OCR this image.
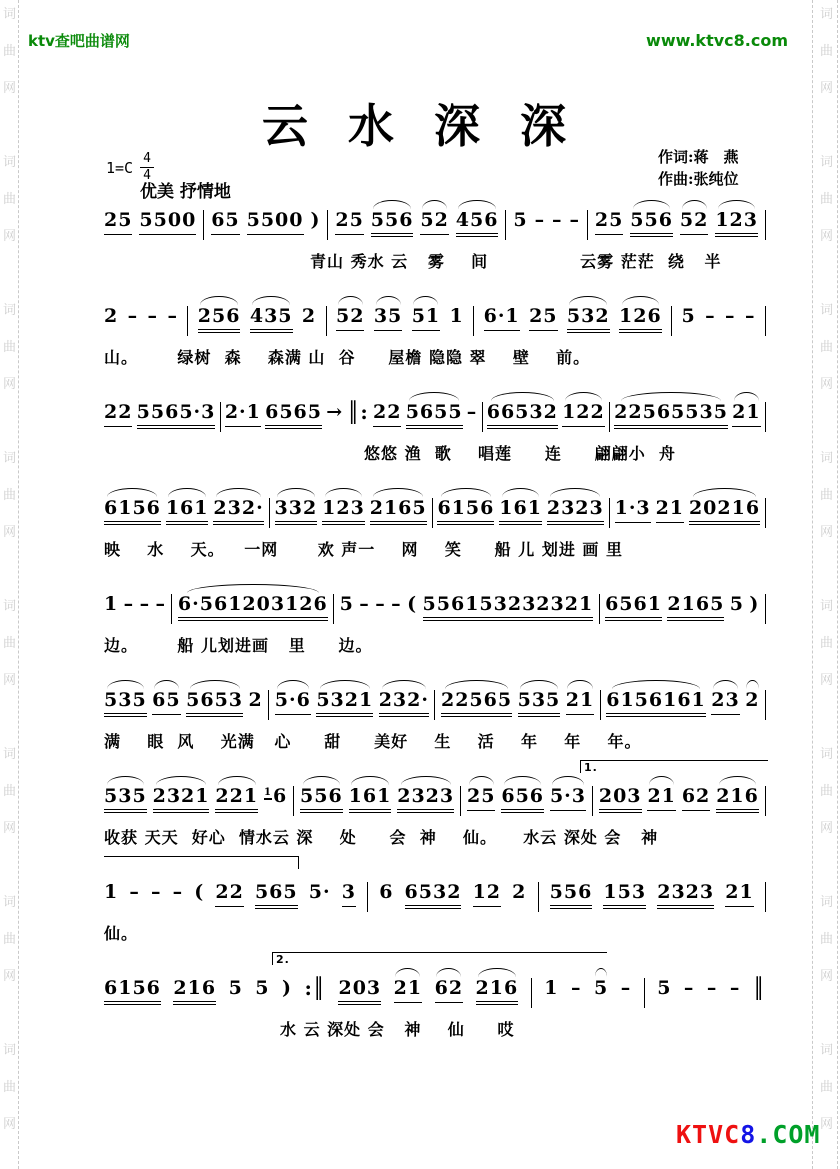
词
曲
网
词
曲
网
词
曲
网
词
曲
网
词
曲
网
词
曲
网
词
曲
网
词
曲
网
词
曲
网
词
曲
网
词
曲
网
词
曲
网
词
曲
网
词
曲
网
词
曲
网
词
曲
网
ktv查吧曲谱网	www.ktvc8.com
云 水 深 深
作词:蒋　燕
作曲:张纯位
$1=C \frac{4}{4}$
优美 抒情地
25 5500 65 5500 ) 25 556 52 456 5 – – – 25 556 52 123
青山 秀水 云   雾    间              云雾 茫茫  绕   半
2 – – – 256 435 2 52 35 51 1 6·1 25 532 126 5 – – –
山。      绿树  森    森满 山  谷     屋檐 隐隐 翠    壁    前。
22 5565·3 2·1 6565 → ║: 22 5655 – 66532 122 22565535 21
悠悠 渔  歌    唱莲     连     翩翩小  舟
6156 161 232· 332 123 2165 6156 161 2323 1·3 21 20216
映    水    天。   一网      欢 声一    网    笑     船 儿 划进 画 里
1 – – – 6·561203126 5 – – – ( 556153232321 6561 2165 5 )
边。      船 儿划进画   里     边。
535 65 5653 2 5·6 5321 232· 22565 535 21 6156161 23 2
满    眼  风    光满   心     甜     美好    生    活    年    年    年。
535 2321 221 $^1$6 556 161 2323 25 656 5·3
1.
203 21 62 216
收获 天天  好心  情水云 深    处     会  神    仙。    水云 深处 会   神
1 – – – ( 22 565 5· 3 6 6532 12 2 556 153 2323 21
仙。
6156 216 5 5 ) :║
2.
203 21 62 216 1 – 5 – 5 – – – ║
水 云 深处 会   神    仙     哎
KTVC8.COM
